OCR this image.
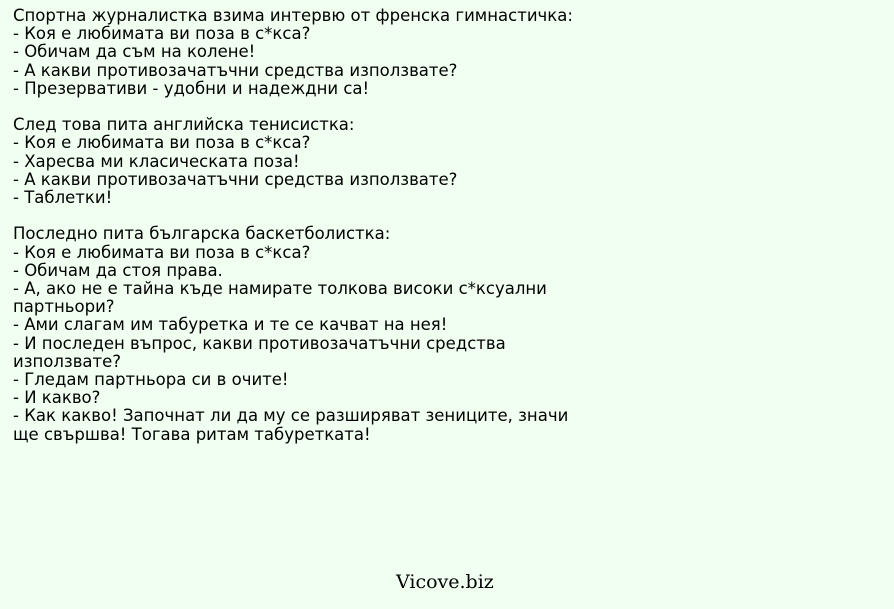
Спортна журналистка взима интервю от френска гимнастичка:
- Коя е любимата ви поза в с*кса?
- Обичам да съм на колене!
- А какви противозачатъчни средства използвате?
- Презервативи - удобни и надеждни са!
След това пита английска тенисистка:
- Коя е любимата ви поза в с*кса?
- Харесва ми класическата поза!
- А какви противозачатъчни средства използвате?
- Таблетки!
Последно пита българска баскетболистка:
- Коя е любимата ви поза в с*кса?
- Обичам да стоя права.
- А, ако не е тайна къде намирате толкова високи с*ксуални партньори?
- Ами слагам им табуретка и те се качват на нея!
- И последен въпрос, какви противозачатъчни средства използвате?
- Гледам партньора си в очите!
- И какво?
- Как какво! Започнат ли да му се разширяват зениците, значи ще свършва! Тогава ритам табуретката!
Vicove.biz
